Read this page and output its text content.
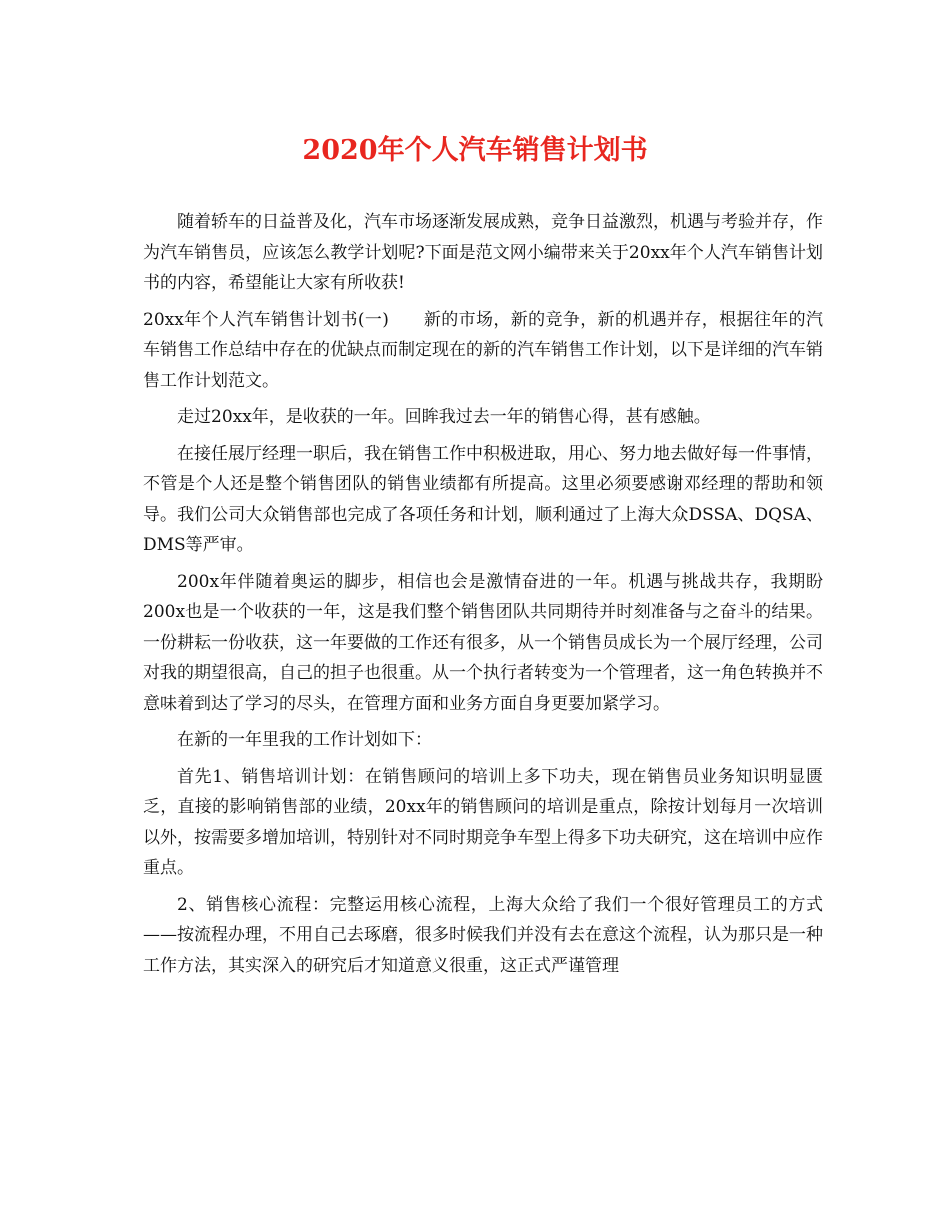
2020年个人汽车销售计划书

随着轿车的日益普及化，汽车市场逐渐发展成熟，竞争日益激烈，机遇与考验并存，作为汽车销售员，应该怎么教学计划呢?下面是范文网小编带来关于20xx年个人汽车销售计划书的内容，希望能让大家有所收获!

20xx年个人汽车销售计划书(一)　　新的市场，新的竞争，新的机遇并存，根据往年的汽车销售工作总结中存在的优缺点而制定现在的新的汽车销售工作计划，以下是详细的汽车销售工作计划范文。

走过20xx年，是收获的一年。回眸我过去一年的销售心得，甚有感触。

在接任展厅经理一职后，我在销售工作中积极进取，用心、努力地去做好每一件事情，不管是个人还是整个销售团队的销售业绩都有所提高。这里必须要感谢邓经理的帮助和领导。我们公司大众销售部也完成了各项任务和计划，顺利通过了上海大众DSSA、DQSA、DMS等严审。

200x年伴随着奥运的脚步，相信也会是激情奋进的一年。机遇与挑战共存，我期盼200x也是一个收获的一年，这是我们整个销售团队共同期待并时刻准备与之奋斗的结果。一份耕耘一份收获，这一年要做的工作还有很多，从一个销售员成长为一个展厅经理，公司对我的期望很高，自己的担子也很重。从一个执行者转变为一个管理者，这一角色转换并不意味着到达了学习的尽头，在管理方面和业务方面自身更要加紧学习。

在新的一年里我的工作计划如下：

首先1、销售培训计划：在销售顾问的培训上多下功夫，现在销售员业务知识明显匮乏，直接的影响销售部的业绩，20xx年的销售顾问的培训是重点，除按计划每月一次培训以外，按需要多增加培训，特别针对不同时期竞争车型上得多下功夫研究，这在培训中应作重点。

2、销售核心流程：完整运用核心流程，上海大众给了我们一个很好管理员工的方式——按流程办理，不用自己去琢磨，很多时候我们并没有去在意这个流程，认为那只是一种工作方法，其实深入的研究后才知道意义很重，这正式严谨管理
